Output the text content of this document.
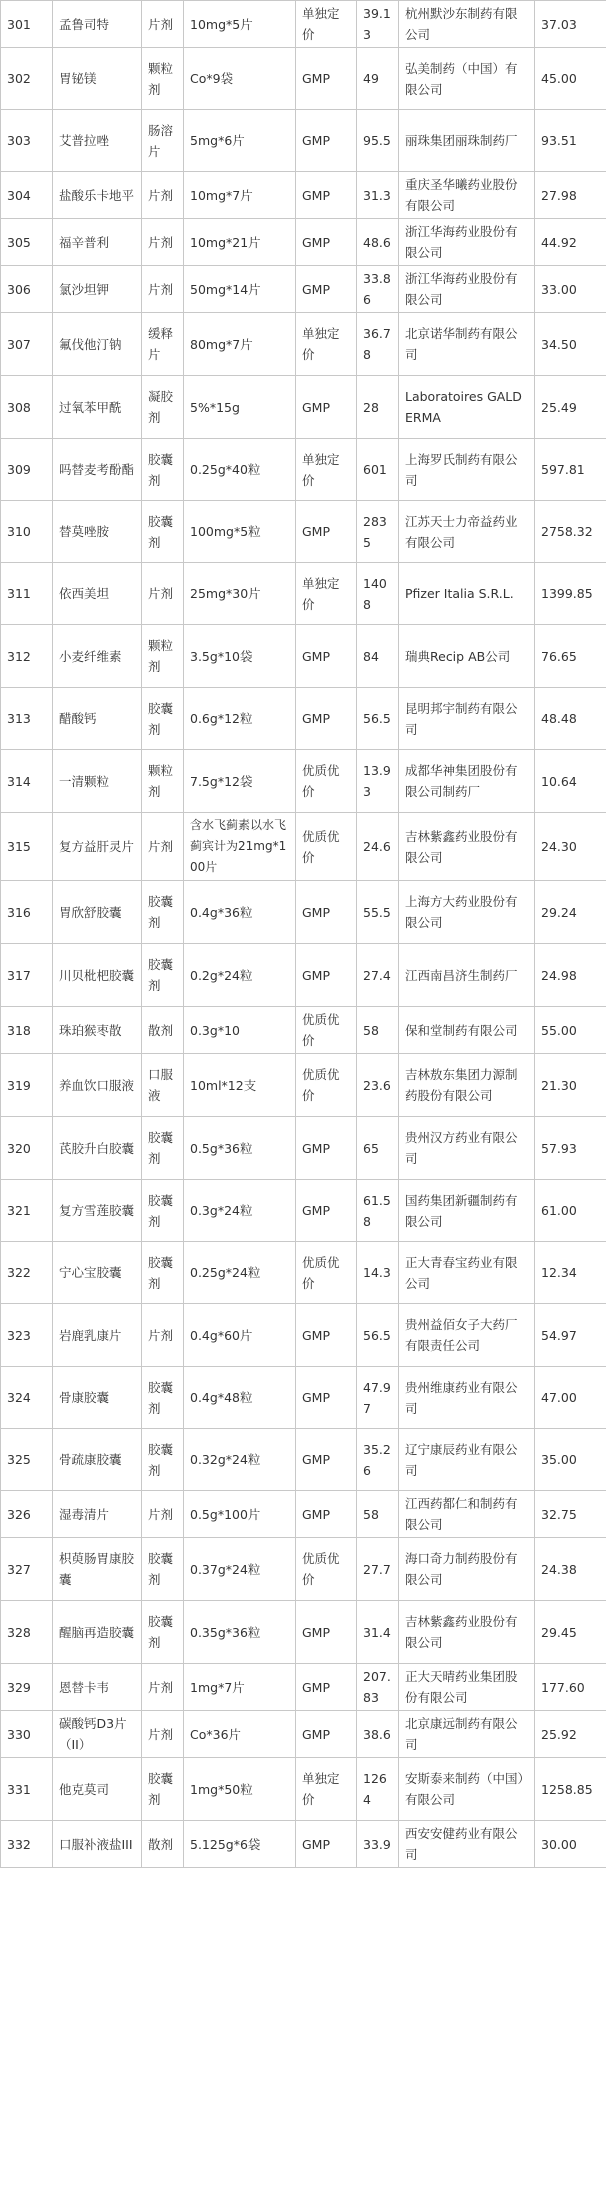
301	孟鲁司特	片剂	10mg*5片	单独定价	39.13	杭州默沙东制药有限公司	37.03
302	胃铋镁	颗粒剂	Co*9袋	GMP	49	弘美制药（中国）有限公司	45.00
303	艾普拉唑	肠溶片	5mg*6片	GMP	95.5	丽珠集团丽珠制药厂	93.51
304	盐酸乐卡地平	片剂	10mg*7片	GMP	31.3	重庆圣华曦药业股份有限公司	27.98
305	福辛普利	片剂	10mg*21片	GMP	48.6	浙江华海药业股份有限公司	44.92
306	氯沙坦钾	片剂	50mg*14片	GMP	33.86	浙江华海药业股份有限公司	33.00
307	氟伐他汀钠	缓释片	80mg*7片	单独定价	36.78	北京诺华制药有限公司	34.50
308	过氧苯甲酰	凝胶剂	5%*15g	GMP	28	Laboratoires GALDERMA	25.49
309	吗替麦考酚酯	胶囊剂	0.25g*40粒	单独定价	601	上海罗氏制药有限公司	597.81
310	替莫唑胺	胶囊剂	100mg*5粒	GMP	2835	江苏天士力帝益药业有限公司	2758.32
311	依西美坦	片剂	25mg*30片	单独定价	1408	Pfizer Italia S.R.L.	1399.85
312	小麦纤维素	颗粒剂	3.5g*10袋	GMP	84	瑞典Recip AB公司	76.65
313	醋酸钙	胶囊剂	0.6g*12粒	GMP	56.5	昆明邦宇制药有限公司	48.48
314	一清颗粒	颗粒剂	7.5g*12袋	优质优价	13.93	成都华神集团股份有限公司制药厂	10.64
315	复方益肝灵片	片剂	含水飞蓟素以水飞蓟宾计为21mg*100片	优质优价	24.6	吉林紫鑫药业股份有限公司	24.30
316	胃欣舒胶囊	胶囊剂	0.4g*36粒	GMP	55.5	上海方大药业股份有限公司	29.24
317	川贝枇杷胶囊	胶囊剂	0.2g*24粒	GMP	27.4	江西南昌济生制药厂	24.98
318	珠珀猴枣散	散剂	0.3g*10	优质优价	58	保和堂制药有限公司	55.00
319	养血饮口服液	口服液	10ml*12支	优质优价	23.6	吉林敖东集团力源制药股份有限公司	21.30
320	芪胶升白胶囊	胶囊剂	0.5g*36粒	GMP	65	贵州汉方药业有限公司	57.93
321	复方雪莲胶囊	胶囊剂	0.3g*24粒	GMP	61.58	国药集团新疆制药有限公司	61.00
322	宁心宝胶囊	胶囊剂	0.25g*24粒	优质优价	14.3	正大青春宝药业有限公司	12.34
323	岩鹿乳康片	片剂	0.4g*60片	GMP	56.5	贵州益佰女子大药厂有限责任公司	54.97
324	骨康胶囊	胶囊剂	0.4g*48粒	GMP	47.97	贵州维康药业有限公司	47.00
325	骨疏康胶囊	胶囊剂	0.32g*24粒	GMP	35.26	辽宁康辰药业有限公司	35.00
326	湿毒清片	片剂	0.5g*100片	GMP	58	江西药都仁和制药有限公司	32.75
327	枳萸肠胃康胶囊	胶囊剂	0.37g*24粒	优质优价	27.7	海口奇力制药股份有限公司	24.38
328	醒脑再造胶囊	胶囊剂	0.35g*36粒	GMP	31.4	吉林紫鑫药业股份有限公司	29.45
329	恩替卡韦	片剂	1mg*7片	GMP	207.83	正大天晴药业集团股份有限公司	177.60
330	碳酸钙D3片（II）	片剂	Co*36片	GMP	38.6	北京康远制药有限公司	25.92
331	他克莫司	胶囊剂	1mg*50粒	单独定价	1264	安斯泰来制药（中国）有限公司	1258.85
332	口服补液盐III	散剂	5.125g*6袋	GMP	33.9	西安安健药业有限公司	30.00
